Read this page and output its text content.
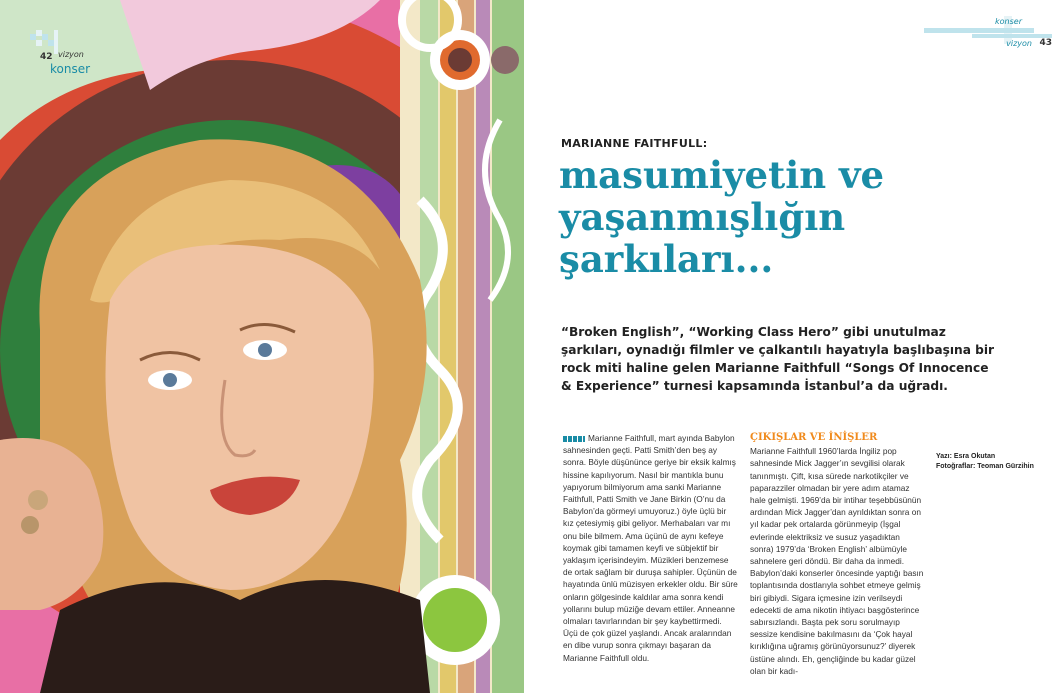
42 vizyon
konser
konser
vizyon 43
MARIANNE FAITHFULL:
masumiyetin ve
yaşanmışlığın
şarkıları...

“Broken English”, “Working Class Hero” gibi unutulmaz şarkıları, oynadığı filmler ve çalkantılı hayatıyla başlıbaşına bir rock miti haline gelen Marianne Faithfull “Songs Of Innocence & Experience” turnesi kapsamında İstanbul’a da uğradı.

Marianne Faithfull, mart ayında Babylon sahnesinden geçti. Patti Smith’den beş ay sonra. Böyle düşününce geriye bir eksik kalmış hissine kapılıyorum. Nasıl bir mantıkla bunu yapıyorum bilmiyorum ama sanki Marianne Faithfull, Patti Smith ve Jane Birkin (O’nu da Babylon’da görmeyi umuyoruz.) öyle üçlü bir kız çetesiymiş gibi geliyor. Merhabaları var mı onu bile bilmem. Ama üçünü de aynı kefeye koymak gibi tamamen keyfi ve sübjektif bir yaklaşım içerisindeyim. Müzikleri benzemese de ortak sağlam bir duruşa sahipler. Üçünün de hayatında ünlü müzisyen erkekler oldu. Bir süre onların gölgesinde kaldılar ama sonra kendi yollarını bulup müziğe devam ettiler. Anneanne olmaları tavırlarından bir şey kaybettirmedi. Üçü de çok güzel yaşlandı. Ancak aralarından en dibe vurup sonra çıkmayı başaran da Marianne Faithfull oldu.
ÇIKIŞLAR VE İNİŞLER
Marianne Faithfull 1960’larda İngiliz pop sahnesinde Mick Jagger’ın sevgilisi olarak tanınmıştı. Çift, kısa sürede narkotikçiler ve paparazziler olmadan bir yere adım atamaz hale gelmişti. 1969’da bir intihar teşebbüsünün ardından Mick Jagger’dan ayrıldıktan sonra on yıl kadar pek ortalarda görünmeyip (İşgal evlerinde elektriksiz ve susuz yaşadıktan sonra) 1979’da ‘Broken English’ albümüyle sahnelere geri döndü. Bir daha da inmedi. Babylon’daki konserler öncesinde yaptığı basın toplantısında dostlarıyla sohbet etmeye gelmiş biri gibiydi. Sigara içmesine izin verilseydi edecekti de ama nikotin ihtiyacı başgösterince sabırsızlandı. Başta pek soru sorulmayıp sessize kendisine bakılmasını da ‘Çok hayal kırıklığına uğramış görünüyorsunuz?’ diyerek üstüne alındı. Eh, gençliğinde bu kadar güzel olan bir kadı-
Yazı: Esra Okutan
Fotoğraflar: Teoman Gürzihin
